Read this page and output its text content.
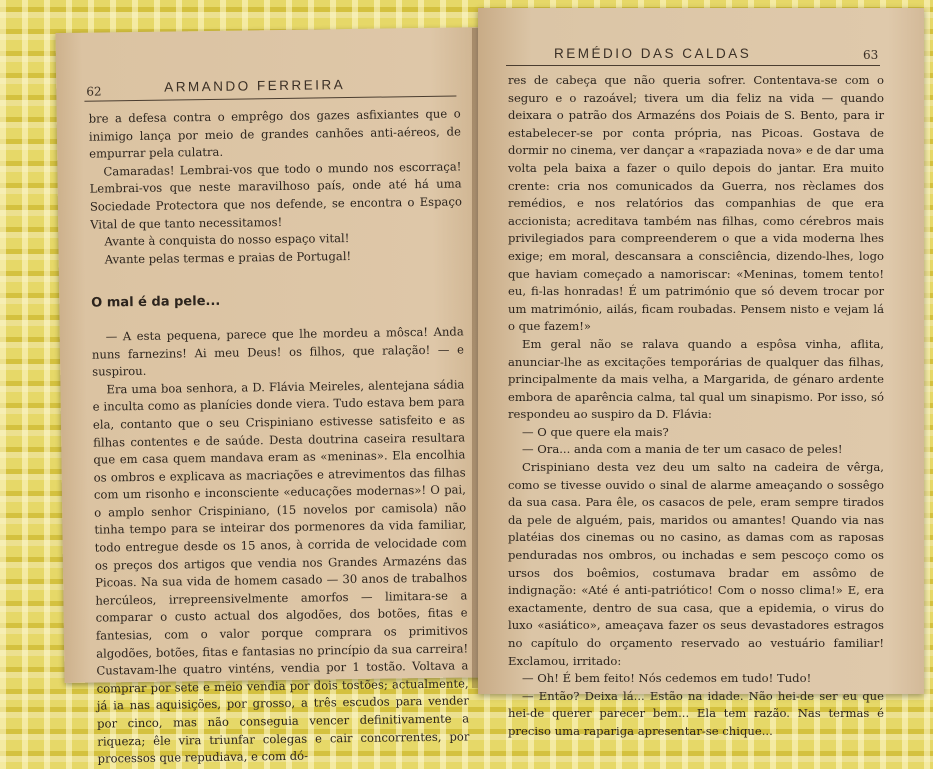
62	ARMANDO FERREIRA

bre a defesa contra o emprêgo dos gazes asfixiantes que o inimigo lança por meio de grandes canhões anti-aéreos, de empurrar pela culatra.

Camaradas! Lembrai-vos que todo o mundo nos escorraça! Lembrai-vos que neste maravilhoso país, onde até há uma Sociedade Protectora que nos defende, se encontra o Espaço Vital de que tanto necessitamos!

Avante à conquista do nosso espaço vital!

Avante pelas termas e praias de Portugal!

O mal é da pele...

— A esta pequena, parece que lhe mordeu a môsca! Anda nuns farnezins! Ai meu Deus! os filhos, que ralação! — e suspirou.

Era uma boa senhora, a D. Flávia Meireles, alentejana sádia e inculta como as planícies donde viera. Tudo estava bem para ela, contanto que o seu Crispiniano estivesse satisfeito e as filhas contentes e de saúde. Desta doutrina caseira resultara que em casa quem mandava eram as «meninas». Ela encolhia os ombros e explicava as macriações e atrevimentos das filhas com um risonho e inconsciente «educações modernas»! O pai, o amplo senhor Crispiniano, (15 novelos por camisola) não tinha tempo para se inteirar dos pormenores da vida familiar, todo entregue desde os 15 anos, à corrida de velocidade com os preços dos artigos que vendia nos Grandes Armazéns das Picoas. Na sua vida de homem casado — 30 anos de trabalhos hercúleos, irrepreensivelmente amorfos — limitara-se a comparar o custo actual dos algodões, dos botões, fitas e fantesias, com o valor porque comprara os primitivos algodões, botões, fitas e fantasias no princípio da sua carreira! Custavam-lhe quatro vinténs, vendia por 1 tostão. Voltava a comprar por sete e meio vendia por dois tostões; actualmente, já ia nas aquisições, por grosso, a três escudos para vender por cinco, mas não conseguia vencer definitivamente a riqueza; êle vira triunfar colegas e cair concorrentes, por processos que repudiava, e com dó-

REMÉDIO DAS CALDAS	63

res de cabeça que não queria sofrer. Contentava-se com o seguro e o razoável; tivera um dia feliz na vida — quando deixara o patrão dos Armazéns dos Poiais de S. Bento, para ir estabelecer-se por conta própria, nas Picoas. Gostava de dormir no cinema, ver dançar a «rapaziada nova» e de dar uma volta pela baixa a fazer o quilo depois do jantar. Era muito crente: cria nos comunicados da Guerra, nos rèclames dos remédios, e nos relatórios das companhias de que era accionista; acreditava também nas filhas, como cérebros mais privilegiados para compreenderem o que a vida moderna lhes exige; em moral, descansara a consciência, dizendo-lhes, logo que haviam começado a namoriscar: «Meninas, tomem tento! eu, fi-las honradas! É um património que só devem trocar por um matrimónio, ailás, ficam roubadas. Pensem nisto e vejam lá o que fazem!»

Em geral não se ralava quando a espôsa vinha, aflita, anunciar-lhe as excitações temporárias de qualquer das filhas, principalmente da mais velha, a Margarida, de génaro ardente embora de aparência calma, tal qual um sinapismo. Por isso, só respondeu ao suspiro da D. Flávia:

— O que quere ela mais?

— Ora... anda com a mania de ter um casaco de peles!

Crispiniano desta vez deu um salto na cadeira de vêrga, como se tivesse ouvido o sinal de alarme ameaçando o sossêgo da sua casa. Para êle, os casacos de pele, eram sempre tirados da pele de alguém, pais, maridos ou amantes! Quando via nas platéias dos cinemas ou no casino, as damas com as raposas penduradas nos ombros, ou inchadas e sem pescoço como os ursos dos boêmios, costumava bradar em assômo de indignação: «Até é anti-patriótico! Com o nosso clima!» E, era exactamente, dentro de sua casa, que a epidemia, o virus do luxo «asiático», ameaçava fazer os seus devastadores estragos no capítulo do orçamento reservado ao vestuário familiar! Exclamou, irritado:

— Oh! É bem feito! Nós cedemos em tudo! Tudo!

— Então? Deixa lá... Estão na idade. Não hei-de ser eu que hei-de querer parecer bem... Ela tem razão. Nas termas é preciso uma rapariga apresentar-se chique...
